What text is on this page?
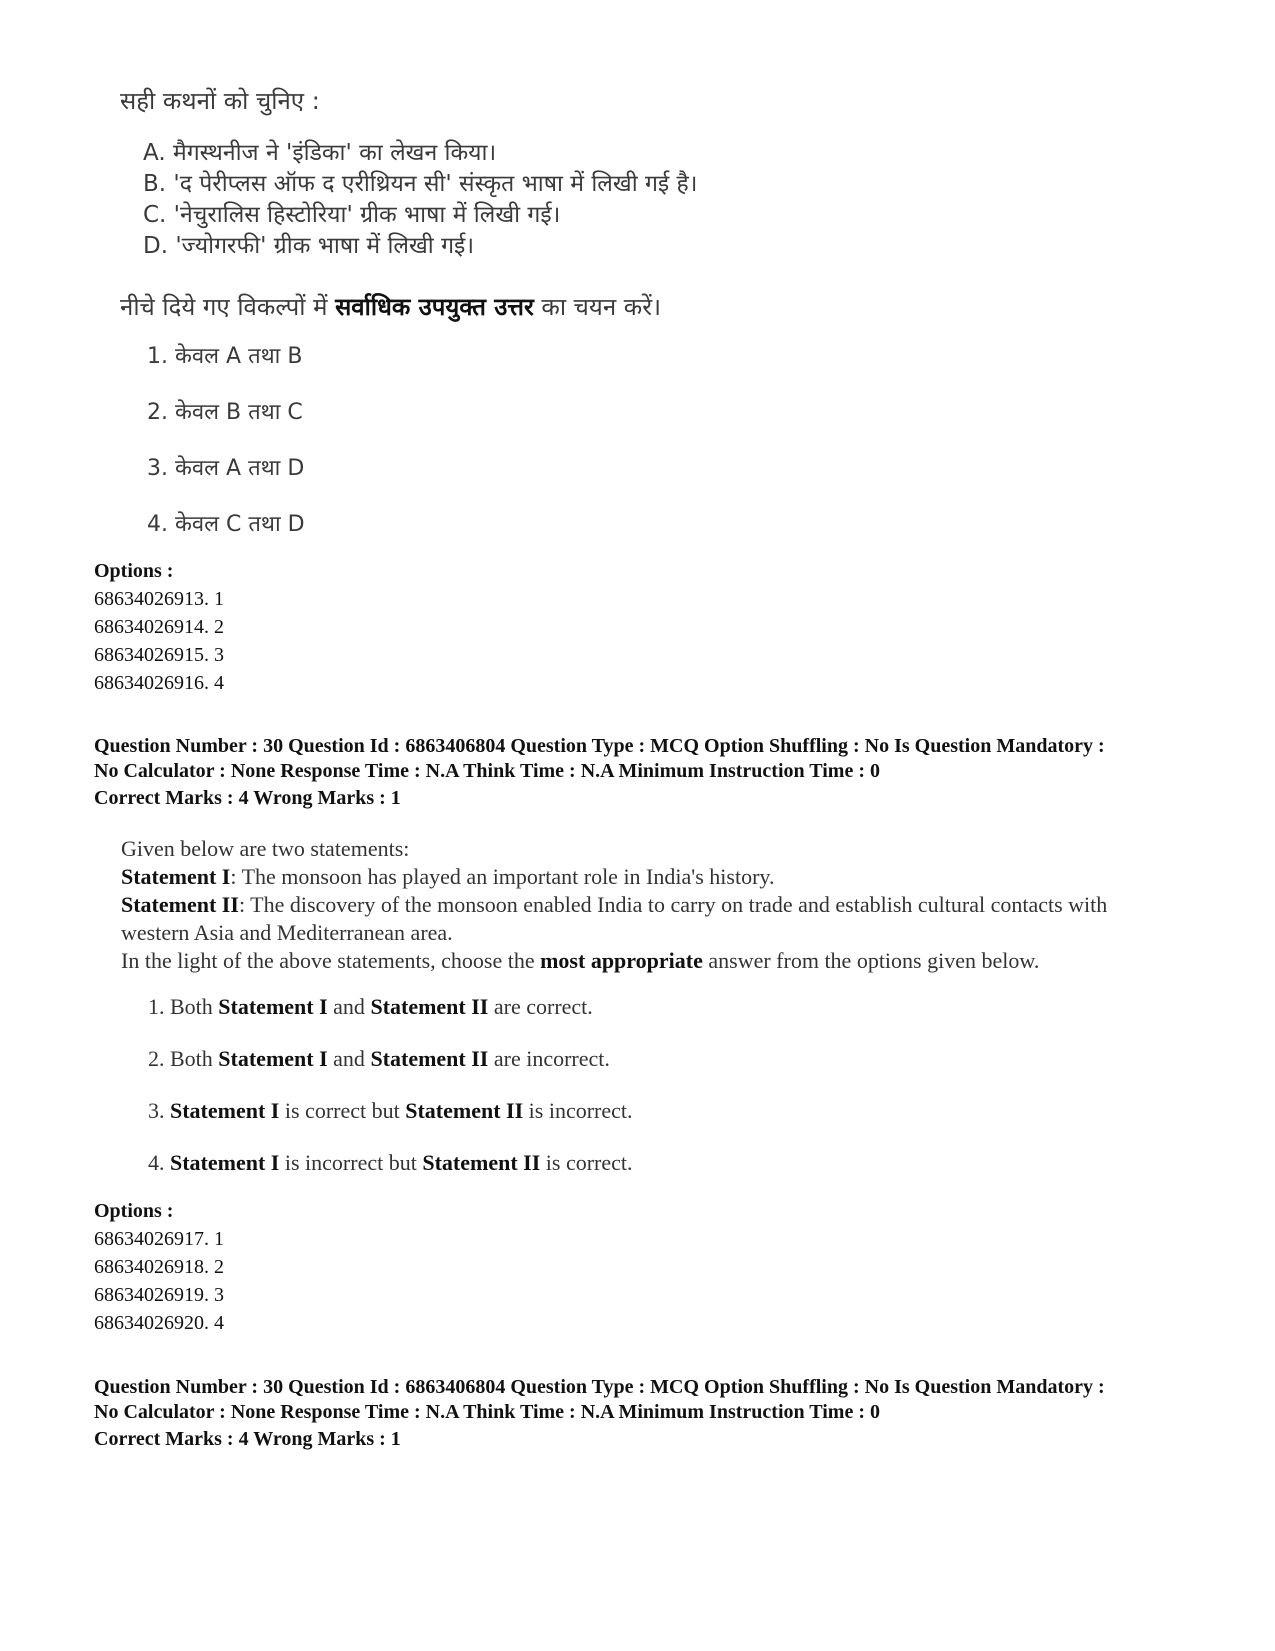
सही कथनों को चुनिए :
A. मैगस्थनीज ने 'इंडिका' का लेखन किया।
B. 'द पेरीप्लस ऑफ द एरीथ्रियन सी' संस्कृत भाषा में लिखी गई है।
C. 'नेचुरालिस हिस्टोरिया' ग्रीक भाषा में लिखी गई।
D. 'ज्योगरफी' ग्रीक भाषा में लिखी गई।
नीचे दिये गए विकल्पों में सर्वाधिक उपयुक्त उत्तर का चयन करें।
1. केवल A तथा B
2. केवल B तथा C
3. केवल A तथा D
4. केवल C तथा D
Options :
68634026913. 1
68634026914. 2
68634026915. 3
68634026916. 4
Question Number : 30 Question Id : 6863406804 Question Type : MCQ Option Shuffling : No Is Question Mandatory :
No Calculator : None Response Time : N.A Think Time : N.A Minimum Instruction Time : 0
Correct Marks : 4 Wrong Marks : 1
Given below are two statements:
Statement I: The monsoon has played an important role in India's history.
Statement II: The discovery of the monsoon enabled India to carry on trade and establish cultural contacts with western Asia and Mediterranean area.
In the light of the above statements, choose the most appropriate answer from the options given below.
1. Both Statement I and Statement II are correct.
2. Both Statement I and Statement II are incorrect.
3. Statement I is correct but Statement II is incorrect.
4. Statement I is incorrect but Statement II is correct.
Options :
68634026917. 1
68634026918. 2
68634026919. 3
68634026920. 4
Question Number : 30 Question Id : 6863406804 Question Type : MCQ Option Shuffling : No Is Question Mandatory :
No Calculator : None Response Time : N.A Think Time : N.A Minimum Instruction Time : 0
Correct Marks : 4 Wrong Marks : 1
